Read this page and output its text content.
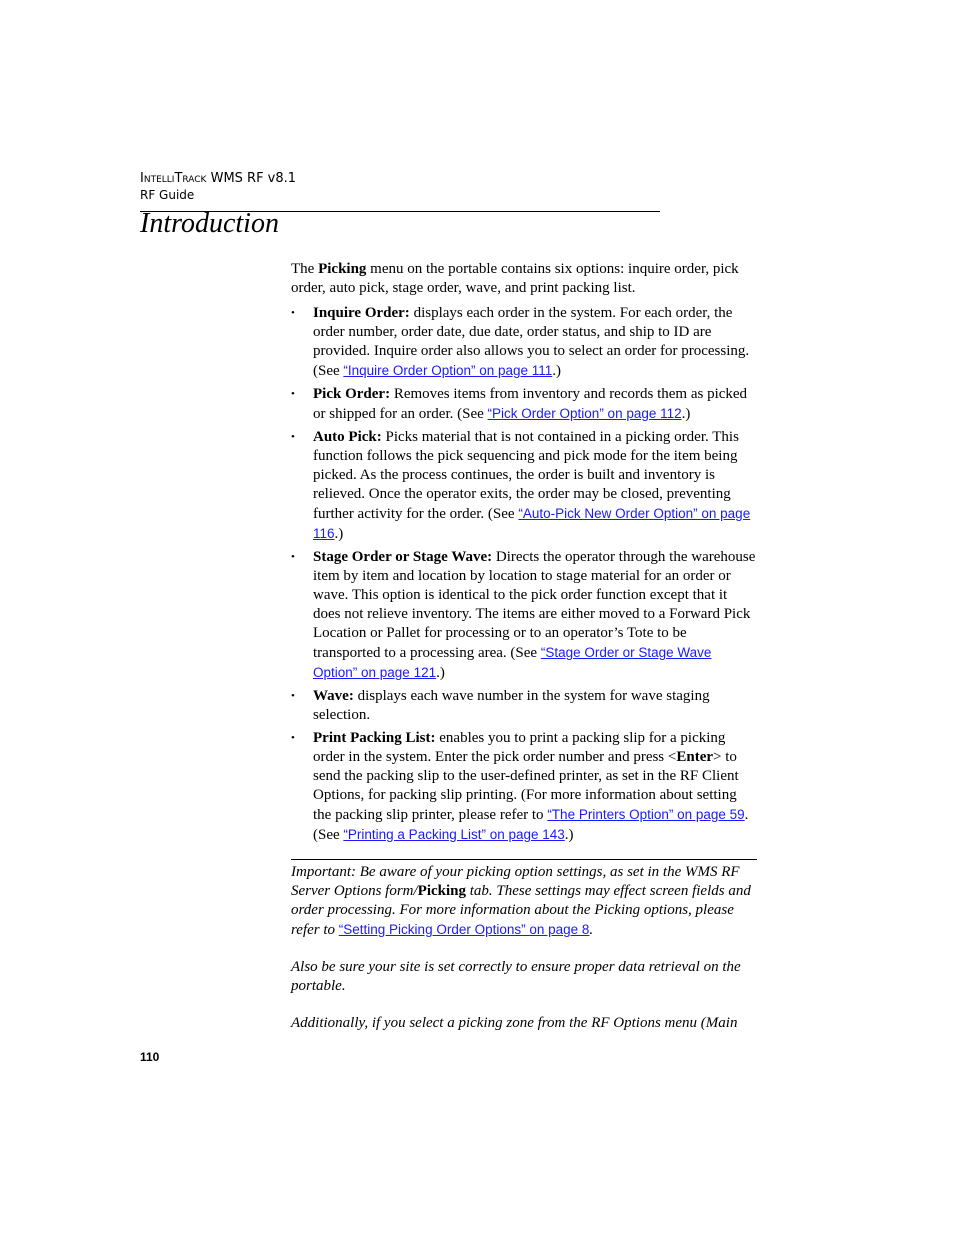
IntelliTrack WMS RF v8.1
RF Guide
Introduction

The Picking menu on the portable contains six options: inquire order, pick order, auto pick, stage order, wave, and print packing list.

• Inquire Order: displays each order in the system. For each order, the order number, order date, due date, order status, and ship to ID are provided. Inquire order also allows you to select an order for processing. (See “Inquire Order Option” on page 111.)
• Pick Order: Removes items from inventory and records them as picked or shipped for an order. (See “Pick Order Option” on page 112.)
• Auto Pick: Picks material that is not contained in a picking order. This function follows the pick sequencing and pick mode for the item being picked. As the process continues, the order is built and inventory is relieved. Once the operator exits, the order may be closed, preventing further activity for the order. (See “Auto-Pick New Order Option” on page 116.)
• Stage Order or Stage Wave: Directs the operator through the warehouse item by item and location by location to stage material for an order or wave. This option is identical to the pick order function except that it does not relieve inventory. The items are either moved to a Forward Pick Location or Pallet for processing or to an operator’s Tote to be transported to a processing area. (See “Stage Order or Stage Wave Option” on page 121.)
• Wave: displays each wave number in the system for wave staging selection.
• Print Packing List: enables you to print a packing slip for a picking order in the system. Enter the pick order number and press <Enter> to send the packing slip to the user-defined printer, as set in the RF Client Options, for packing slip printing. (For more information about setting the packing slip printer, please refer to “The Printers Option” on page 59. (See “Printing a Packing List” on page 143.)

Important: Be aware of your picking option settings, as set in the WMS RF Server Options form/Picking tab. These settings may effect screen fields and order processing. For more information about the Picking options, please refer to “Setting Picking Order Options” on page 8.

Also be sure your site is set correctly to ensure proper data retrieval on the portable.

Additionally, if you select a picking zone from the RF Options menu (Main

110
